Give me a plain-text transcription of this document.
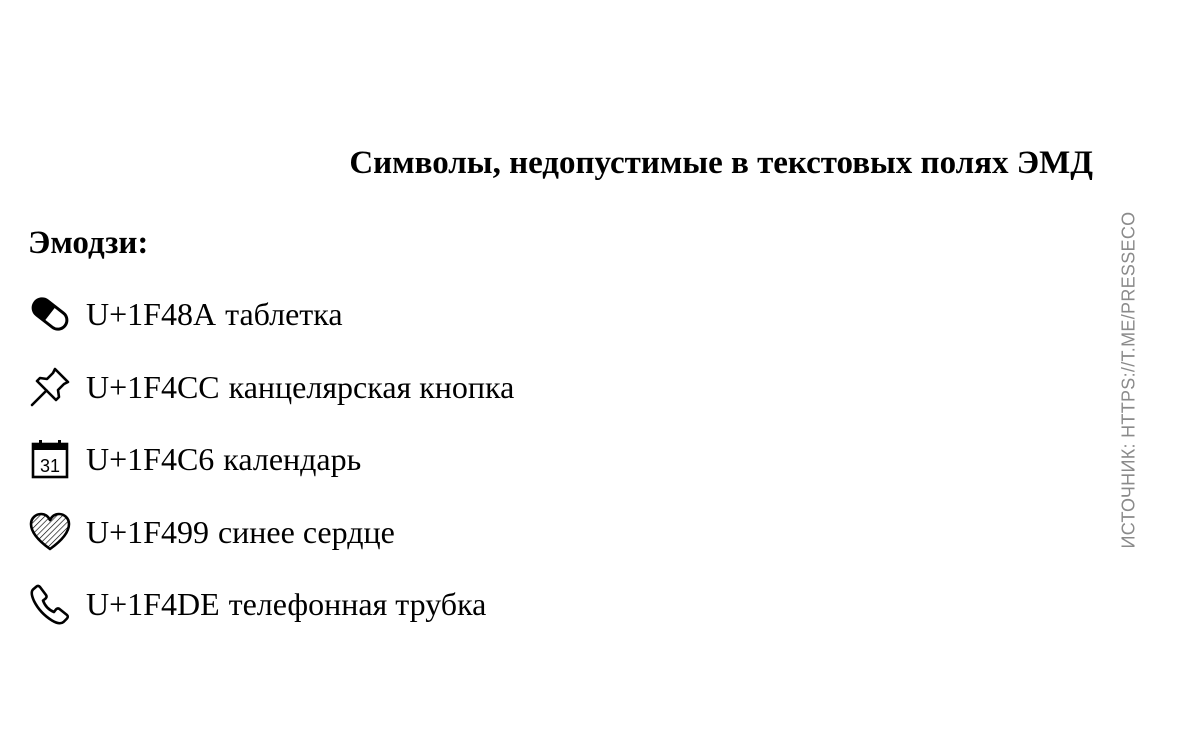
Символы, недопустимые в текстовых полях ЭМД
Эмодзи:
U+1F48A таблетка
U+1F4CC канцелярская кнопка
31 U+1F4C6 календарь
U+1F499 синее сердце
U+1F4DE телефонная трубка
ИСТОЧНИК: HTTPS://T.ME/PRESSECO
